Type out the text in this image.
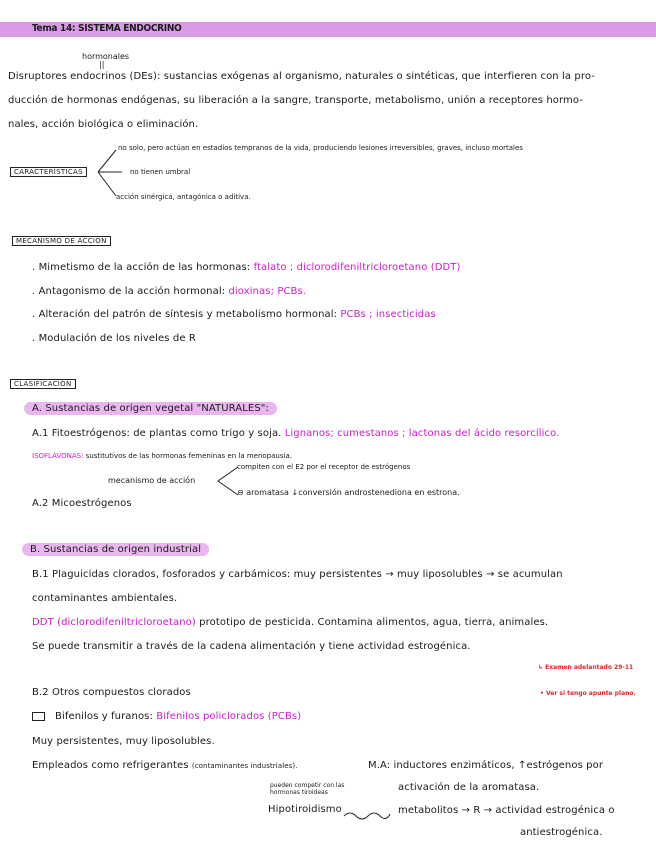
Tema 14: SISTEMA ENDOCRINO
hormonales
||
Disruptores endocrinos (DEs): sustancias exógenas al organismo, naturales o sintéticas, que interfieren con la pro-
ducción de hormonas endógenas, su liberación a la sangre, transporte, metabolismo, unión a receptores hormo-
nales, acción biológica o eliminación.
CARACTERÍSTICAS
no solo, pero actúan en estadíos tempranos de la vida, produciendo lesiones irreversibles, graves, incluso mortales
no tienen umbral
acción sinérgica, antagónica o aditiva.
MECANISMO DE ACCIÓN
. Mimetismo de la acción de las hormonas: ftalato ; diclorodifeniltricloroetano (DDT)
. Antagonismo de la acción hormonal: dioxinas; PCBs.
. Alteración del patrón de síntesis y metabolismo hormonal: PCBs ; insecticidas
. Modulación de los niveles de R
CLASIFICACIÓN
A. Sustancias de origen vegetal "NATURALES":
A.1 Fitoestrógenos: de plantas como trigo y soja. Lignanos; cumestanos ; lactonas del ácido resorcílico.
ISOFLAVONAS: sustitutivos de las hormonas femeninas en la menopausia.
mecanismo de acción
compiten con el E2 por el receptor de estrógenos
⊖ aromatasa ↓conversión androstenediona en estrona.
A.2 Micoestrógenos
B. Sustancias de origen industrial
B.1 Plaguicidas clorados, fosforados y carbámicos: muy persistentes → muy liposolubles → se acumulan
contaminantes ambientales.
DDT (diclorodifeniltricloroetano) prototipo de pesticida. Contamina alimentos, agua, tierra, animales.
Se puede transmitir a través de la cadena alimentación y tiene actividad estrogénica.
↳ Examen adelantado 29-11
• Ver si tengo apunte plano.
B.2 Otros compuestos clorados
Bifenilos y furanos: Bifenilos policlorados (PCBs)
Muy persistentes, muy liposolubles.
Empleados como refrigerantes (contaminantes industriales).	M.A: inductores enzimáticos, ↑estrógenos por
pueden competir con las hormonas tiroideas	activación de la aromatasa.
Hipotiroidismo	metabolitos → R → actividad estrogénica o
antiestrogénica.
